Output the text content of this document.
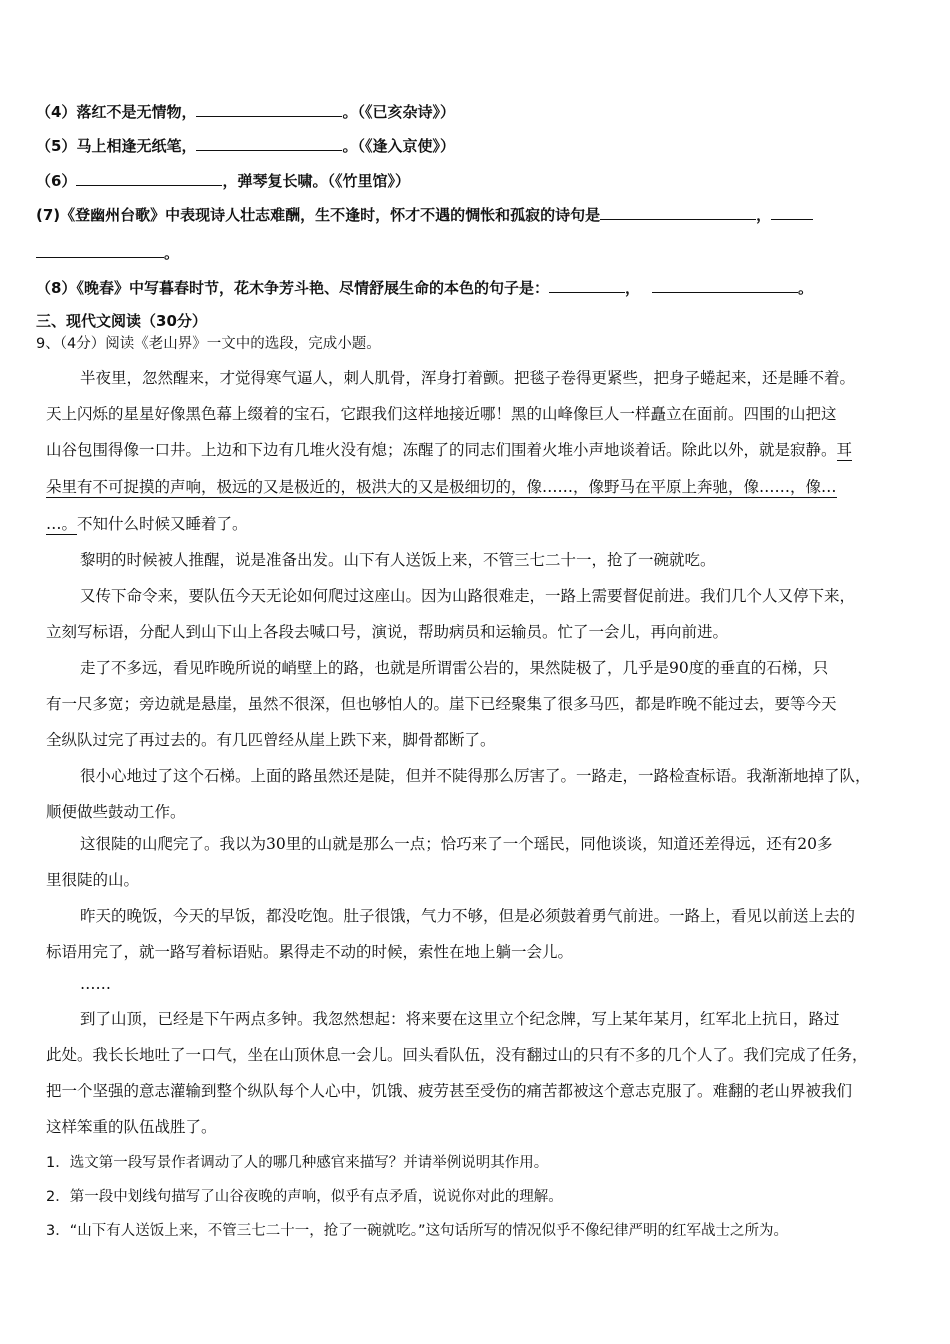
（4）落红不是无情物，	。（《已亥杂诗》）
（5）马上相逢无纸笔，	。（《逢入京使》）
（6）	，弹琴复长啸。（《竹里馆》）
(7)《登幽州台歌》中表现诗人壮志难酬，生不逢时，怀才不遇的惆怅和孤寂的诗句是	，
。
（8）《晚春》中写暮春时节，花木争芳斗艳、尽情舒展生命的本色的句子是：	，	。
三、现代文阅读（30分）
9、（4分）阅读《老山界》一文中的选段，完成小题。
半夜里，忽然醒来，才觉得寒气逼人，刺人肌骨，浑身打着颤。把毯子卷得更紧些，把身子蜷起来，还是睡不着。
天上闪烁的星星好像黑色幕上缀着的宝石，它跟我们这样地接近哪！黑的山峰像巨人一样矗立在面前。四围的山把这
山谷包围得像一口井。上边和下边有几堆火没有熄；冻醒了的同志们围着火堆小声地谈着话。除此以外，就是寂静。耳
朵里有不可捉摸的声响，极远的又是极近的，极洪大的又是极细切的，像……，像野马在平原上奔驰，像……，像…
…。不知什么时候又睡着了。
黎明的时候被人推醒，说是准备出发。山下有人送饭上来，不管三七二十一，抢了一碗就吃。
又传下命令来，要队伍今天无论如何爬过这座山。因为山路很难走，一路上需要督促前进。我们几个人又停下来，
立刻写标语，分配人到山下山上各段去喊口号，演说，帮助病员和运输员。忙了一会儿，再向前进。
走了不多远，看见昨晚所说的峭壁上的路，也就是所谓雷公岩的，果然陡极了，几乎是90度的垂直的石梯，只
有一尺多宽；旁边就是悬崖，虽然不很深，但也够怕人的。崖下已经聚集了很多马匹，都是昨晚不能过去，要等今天
全纵队过完了再过去的。有几匹曾经从崖上跌下来，脚骨都断了。
很小心地过了这个石梯。上面的路虽然还是陡，但并不陡得那么厉害了。一路走，一路检查标语。我渐渐地掉了队，
顺便做些鼓动工作。
这很陡的山爬完了。我以为30里的山就是那么一点；恰巧来了一个瑶民，同他谈谈，知道还差得远，还有20多
里很陡的山。
昨天的晚饭，今天的早饭，都没吃饱。肚子很饿，气力不够，但是必须鼓着勇气前进。一路上，看见以前送上去的
标语用完了，就一路写着标语贴。累得走不动的时候，索性在地上躺一会儿。
……
到了山顶，已经是下午两点多钟。我忽然想起：将来要在这里立个纪念牌，写上某年某月，红军北上抗日，路过
此处。我长长地吐了一口气，坐在山顶休息一会儿。回头看队伍，没有翻过山的只有不多的几个人了。我们完成了任务，
把一个坚强的意志灌输到整个纵队每个人心中，饥饿、疲劳甚至受伤的痛苦都被这个意志克服了。难翻的老山界被我们
这样笨重的队伍战胜了。
1．选文第一段写景作者调动了人的哪几种感官来描写？并请举例说明其作用。
2．第一段中划线句描写了山谷夜晚的声响，似乎有点矛盾，说说你对此的理解。
3．“山下有人送饭上来，不管三七二十一，抢了一碗就吃。”这句话所写的情况似乎不像纪律严明的红军战士之所为。
